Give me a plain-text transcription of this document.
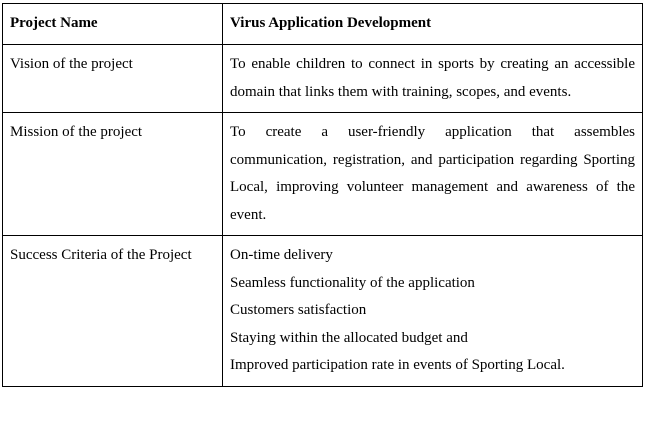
Project Name	Virus Application Development
Vision of the project	To enable children to connect in sports by creating an accessible domain that links them with training, scopes, and events.
Mission of the project	To create a user-friendly application that assembles communication, registration, and participation regarding Sporting Local, improving volunteer management and awareness of the event.
Success Criteria of the Project	On-time delivery
Seamless functionality of the application
Customers satisfaction
Staying within the allocated budget and
Improved participation rate in events of Sporting Local.
